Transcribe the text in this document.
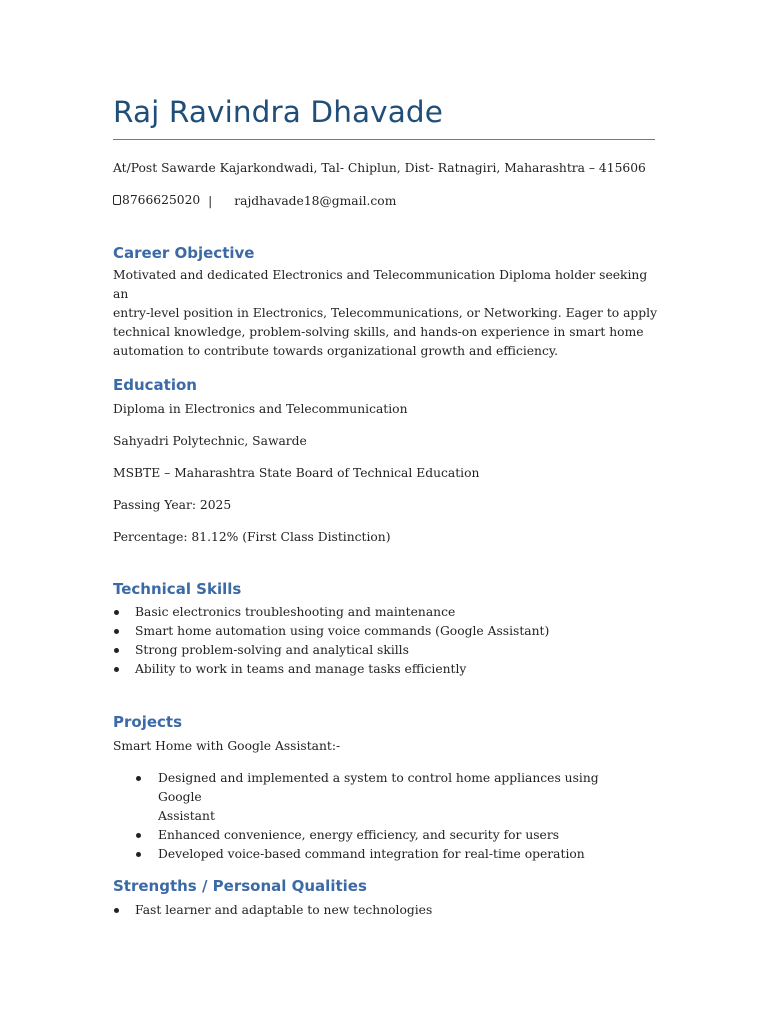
Raj Ravindra Dhavade
At/Post Sawarde Kajarkondwadi, Tal- Chiplun, Dist- Ratnagiri, Maharashtra – 415606
8766625020 | rajdhavade18@gmail.com
Career Objective
Motivated and dedicated Electronics and Telecommunication Diploma holder seeking an
entry-level position in Electronics, Telecommunications, or Networking. Eager to apply
technical knowledge, problem-solving skills, and hands-on experience in smart home
automation to contribute towards organizational growth and efficiency.
Education
Diploma in Electronics and Telecommunication
Sahyadri Polytechnic, Sawarde
MSBTE – Maharashtra State Board of Technical Education
Passing Year: 2025
Percentage: 81.12% (First Class Distinction)
Technical Skills
Basic electronics troubleshooting and maintenance
Smart home automation using voice commands (Google Assistant)
Strong problem-solving and analytical skills
Ability to work in teams and manage tasks efficiently
Projects
Smart Home with Google Assistant:-
Designed and implemented a system to control home appliances using Google
Assistant
Enhanced convenience, energy efficiency, and security for users
Developed voice-based command integration for real-time operation
Strengths / Personal Qualities
Fast learner and adaptable to new technologies
